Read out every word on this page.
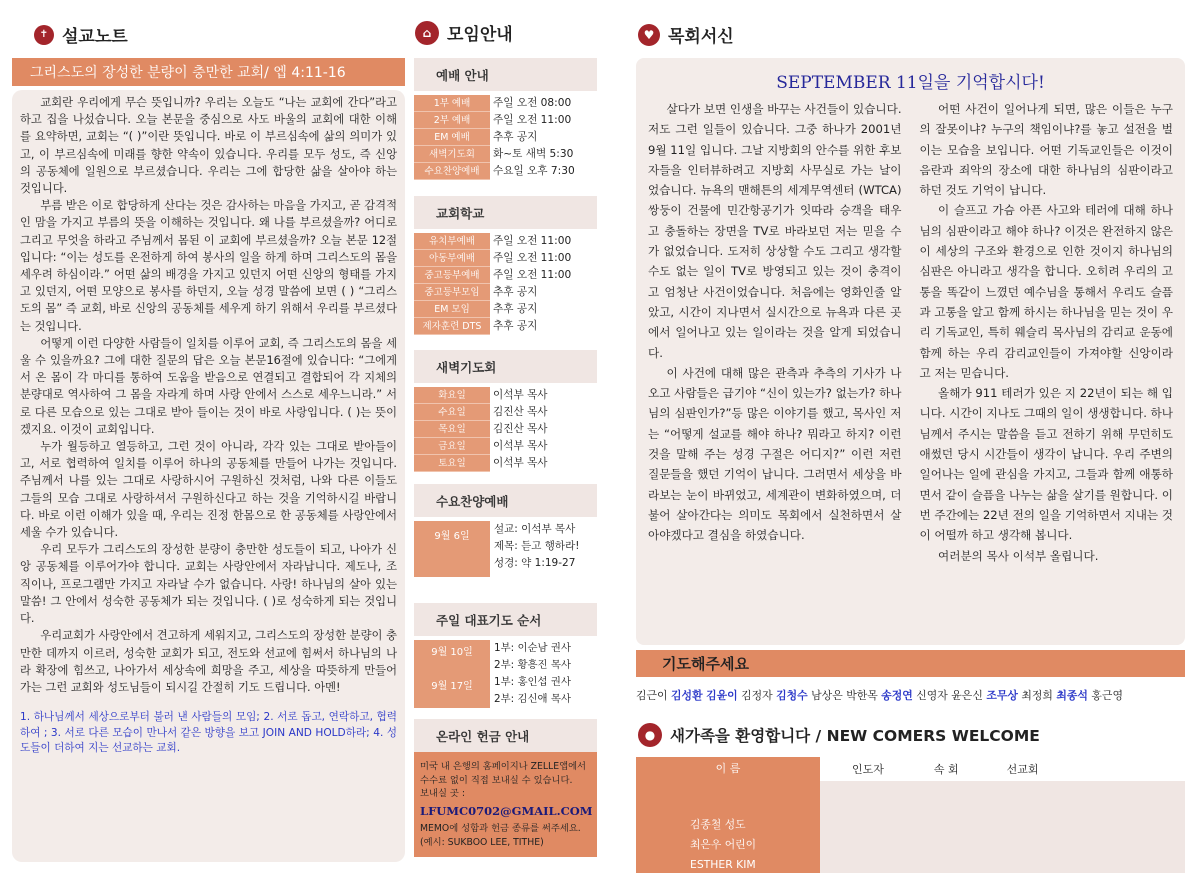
✝ 설교노트
그리스도의 장성한 분량이 충만한 교회/ 엡 4:11-16

교회란 우리에게 무슨 뜻입니까? 우리는 오늘도 “나는 교회에 간다”라고 하고 집을 나섰습니다. 오늘 본문을 중심으로 사도 바울의 교회에 대한 이해를 요약하면, 교회는 “( )”이란 뜻입니다. 바로 이 부르심속에 삶의 의미가 있고, 이 부르심속에 미래를 향한 약속이 있습니다. 우리를 모두 성도, 즉 신앙의 공동체에 일원으로 부르셨습니다. 우리는 그에 합당한 삶을 살아야 하는 것입니다.

부름 받은 이로 합당하게 산다는 것은 감사하는 마음을 가지고, 곧 감격적인 맘을 가지고 부름의 뜻을 이해하는 것입니다. 왜 나를 부르셨을까? 어디로 그리고 무엇을 하라고 주님께서 몸된 이 교회에 부르셨을까? 오늘 본문 12절입니다: “이는 성도를 온전하게 하여 봉사의 일을 하게 하며 그리스도의 몸을 세우려 하심이라.” 어떤 삶의 배경을 가지고 있던지 어떤 신앙의 형태를 가지고 있던지, 어떤 모양으로 봉사를 하던지, 오늘 성경 말씀에 보면 ( ) “그리스도의 몸” 즉 교회, 바로 신앙의 공동체를 세우게 하기 위해서 우리를 부르셨다는 것입니다.

어떻게 이런 다양한 사람들이 일치를 이루어 교회, 즉 그리스도의 몸을 세울 수 있을까요? 그에 대한 질문의 답은 오늘 본문16절에 있습니다: “그에게서 온 몸이 각 마디를 통하여 도움을 받음으로 연결되고 결합되어 각 지체의 분량대로 역사하여 그 몸을 자라게 하며 사랑 안에서 스스로 세우느니라.” 서로 다른 모습으로 있는 그대로 받아 들이는 것이 바로 사랑입니다. ( )는 뜻이겠지요. 이것이 교회입니다.

누가 월등하고 열등하고, 그런 것이 아니라, 각각 있는 그대로 받아들이고, 서로 협력하여 일치를 이루어 하나의 공동체를 만들어 나가는 것입니다. 주님께서 나를 있는 그대로 사랑하시어 구원하신 것처럼, 나와 다른 이들도 그들의 모습 그대로 사랑하셔서 구원하신다고 하는 것을 기억하시길 바랍니다. 바로 이런 이해가 있을 때, 우리는 진정 한몸으로 한 공동체를 사랑안에서 세울 수가 있습니다.

우리 모두가 그리스도의 장성한 분량이 충만한 성도들이 되고, 나아가 신앙 공동체를 이루어가야 합니다. 교회는 사랑안에서 자라납니다. 제도나, 조직이나, 프로그램만 가지고 자라날 수가 없습니다. 사랑! 하나님의 살아 있는 말씀! 그 안에서 성숙한 공동체가 되는 것입니다. ( )로 성숙하게 되는 것입니다.

우리교회가 사랑안에서 견고하게 세워지고, 그리스도의 장성한 분량이 충만한 데까지 이르러, 성숙한 교회가 되고, 전도와 선교에 힘써서 하나님의 나라 확장에 힘쓰고, 나아가서 세상속에 희망을 주고, 세상을 따뜻하게 만들어 가는 그런 교회와 성도님들이 되시길 간절히 기도 드립니다. 아멘!

1. 하나님께서 세상으로부터 불러 낸 사람들의 모임; 2. 서로 돕고, 연락하고, 협력하여 ; 3. 서로 다른 모습이 만나서 같은 방향을 보고 JOIN AND HOLD하라; 4. 성도들이 더하여 지는 선교하는 교회.

⌂ 모임안내
예배 안내
1부 예배	주일 오전 08:00
2부 예배	주일 오전 11:00
EM 예배	추후 공지
새벽기도회	화~토 새벽 5:30
수요찬양예배	수요일 오후 7:30
교회학교
유치부예배	주일 오전 11:00
아동부예배	주일 오전 11:00
중고등부예배	주일 오전 11:00
중고등부모임	추후 공지
EM 모임	추후 공지
제자훈련 DTS	추후 공지
새벽기도회
화요일	이석부 목사
수요일	김진산 목사
목요일	김진산 목사
금요일	이석부 목사
토요일	이석부 목사
수요찬양예배
9월 6일
설교: 이석부 목사
제목: 듣고 행하라!
성경: 약 1:19-27
주일 대표기도 순서
9월 10일	1부: 이순남 권사
2부: 황흥진 목사
9월 17일	1부: 홍인섭 권사
2부: 김신애 목사
온라인 헌금 안내
미국 내 은행의 홈페이지나 ZELLE앱에서 수수료 없이 직접 보내실 수 있습니다.
보내실 곳 :
LFUMC0702@GMAIL.COM
MEMO에 성함과 헌금 종류를 써주세요.
(예시: SUKBOO LEE, TITHE)
♥ 목회서신
SEPTEMBER 11일을 기억합시다!

살다가 보면 인생을 바꾸는 사건들이 있습니다. 저도 그런 일들이 있습니다. 그중 하나가 2001년 9월 11일 입니다. 그날 지방회의 안수를 위한 후보자들을 인터뷰하려고 지방회 사무실로 가는 날이었습니다. 뉴욕의 맨해튼의 세계무역센터 (WTCA) 쌍둥이 건물에 민간항공기가 잇따라 승객을 태우고 충돌하는 장면을 TV로 바라보던 저는 믿을 수가 없었습니다. 도저히 상상할 수도 그리고 생각할 수도 없는 일이 TV로 방영되고 있는 것이 충격이고 엄청난 사건이었습니다. 처음에는 영화인줄 알았고, 시간이 지나면서 실시간으로 뉴욕과 다른 곳에서 일어나고 있는 일이라는 것을 알게 되었습니다.

이 사건에 대해 많은 관측과 추측의 기사가 나오고 사람들은 급기야 “신이 있는가? 없는가? 하나님의 심판인가?”등 많은 이야기를 했고, 목사인 저는 “어떻게 설교를 해야 하나? 뭐라고 하지? 이런 것을 말해 주는 성경 구절은 어디지?” 이런 저런 질문들을 했던 기억이 납니다. 그러면서 세상을 바라보는 눈이 바뀌었고, 세계관이 변화하였으며, 더불어 살아간다는 의미도 목회에서 실천하면서 살아야겠다고 결심을 하였습니다.

어떤 사건이 일어나게 되면, 많은 이들은 누구의 잘못이냐? 누구의 책임이냐?를 놓고 설전을 벌이는 모습을 보입니다. 어떤 기독교인들은 이것이 음란과 죄악의 장소에 대한 하나님의 심판이라고 하던 것도 기억이 납니다.

이 슬프고 가슴 아픈 사고와 테러에 대해 하나님의 심판이라고 해야 하나? 이것은 완전하지 않은 이 세상의 구조와 환경으로 인한 것이지 하나님의 심판은 아니라고 생각을 합니다. 오히려 우리의 고통을 똑같이 느꼈던 예수님을 통해서 우리도 슬픔과 고통을 알고 함께 하시는 하나님을 믿는 것이 우리 기독교인, 특히 웨슬리 목사님의 감리교 운동에 함께 하는 우리 감리교인들이 가져야할 신앙이라고 저는 믿습니다.

올해가 911 테러가 있은 지 22년이 되는 해 입니다. 시간이 지나도 그때의 일이 생생합니다. 하나님께서 주시는 말씀을 듣고 전하기 위해 무던히도 애썼던 당시 시간들이 생각이 납니다. 우리 주변의 일어나는 일에 관심을 가지고, 그들과 함께 애통하면서 같이 슬픔을 나누는 삶을 살기를 원합니다. 이번 주간에는 22년 전의 일을 기억하면서 지내는 것이 어떨까 하고 생각해 봅니다.

여러분의 목사 이석부 올립니다.

기도해주세요
김근이 김성환 김윤이 김정자 김청수 남상은 박한목 송정연 신영자 윤은신 조무상 최정희 최종석 홍근영
● 새가족을 환영합니다 / NEW COMERS WELCOME
이 름	인도자	속 회	선교회
김종철 성도
최은우 어린이
ESTHER KIM
